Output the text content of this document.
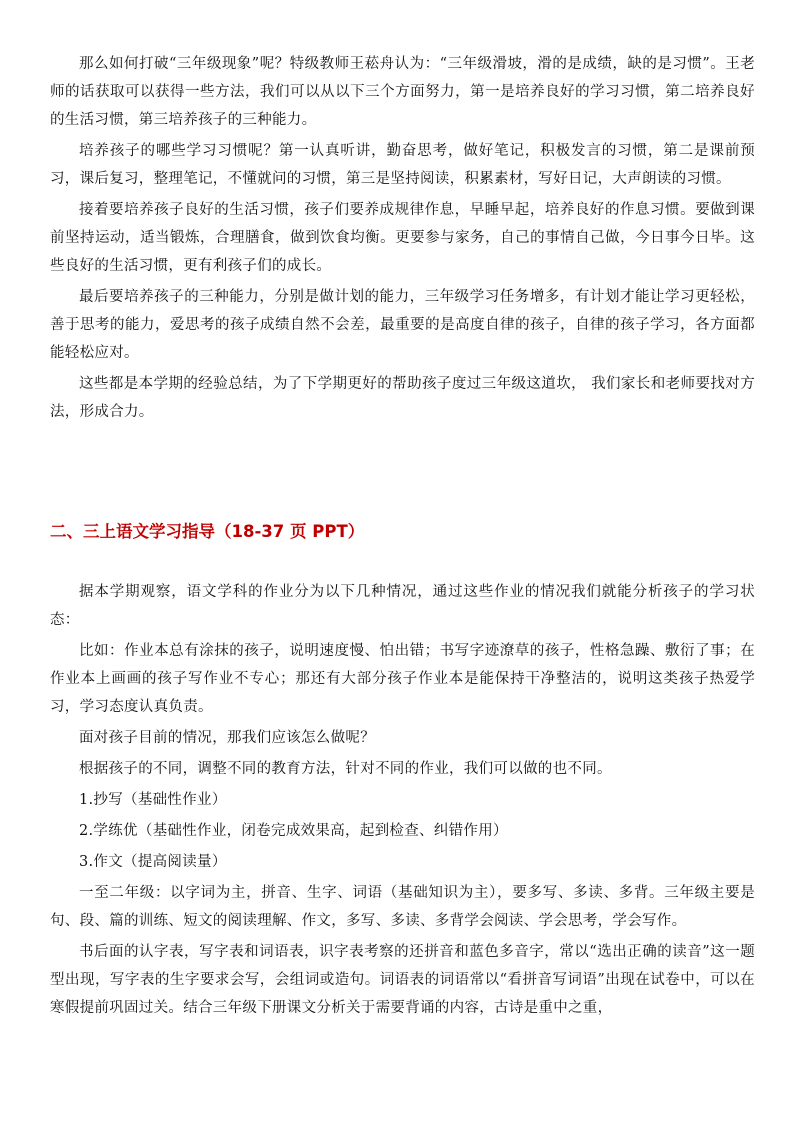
那么如何打破“三年级现象”呢？特级教师王菘舟认为：“三年级滑坡，滑的是成绩，缺的是习惯”。王老师的话获取可以获得一些方法，我们可以从以下三个方面努力，第一是培养良好的学习习惯，第二培养良好的生活习惯，第三培养孩子的三种能力。

培养孩子的哪些学习习惯呢？第一认真听讲，勤奋思考，做好笔记，积极发言的习惯，第二是课前预习，课后复习，整理笔记，不懂就问的习惯，第三是坚持阅读，积累素材，写好日记，大声朗读的习惯。

接着要培养孩子良好的生活习惯，孩子们要养成规律作息，早睡早起，培养良好的作息习惯。要做到课前坚持运动，适当锻炼，合理膳食，做到饮食均衡。更要参与家务，自己的事情自己做，今日事今日毕。这些良好的生活习惯，更有利孩子们的成长。

最后要培养孩子的三种能力，分别是做计划的能力，三年级学习任务增多，有计划才能让学习更轻松，善于思考的能力，爱思考的孩子成绩自然不会差，最重要的是高度自律的孩子，自律的孩子学习，各方面都能轻松应对。

这些都是本学期的经验总结，为了下学期更好的帮助孩子度过三年级这道坎， 我们家长和老师要找对方法，形成合力。

二、三上语文学习指导（18-37 页 PPT）

据本学期观察，语文学科的作业分为以下几种情况，通过这些作业的情况我们就能分析孩子的学习状态：

比如：作业本总有涂抹的孩子，说明速度慢、怕出错；书写字迹潦草的孩子，性格急躁、敷衍了事；在作业本上画画的孩子写作业不专心；那还有大部分孩子作业本是能保持干净整洁的，说明这类孩子热爱学习，学习态度认真负责。

面对孩子目前的情况，那我们应该怎么做呢？

根据孩子的不同，调整不同的教育方法，针对不同的作业，我们可以做的也不同。

1.抄写（基础性作业）

2.学练优（基础性作业，闭卷完成效果高，起到检查、纠错作用）

3.作文（提高阅读量）

一至二年级：以字词为主，拼音、生字、词语（基础知识为主），要多写、多读、多背。三年级主要是句、段、篇的训练、短文的阅读理解、作文，多写、多读、多背学会阅读、学会思考，学会写作。

书后面的认字表，写字表和词语表，识字表考察的还拼音和蓝色多音字，常以“选出正确的读音”这一题型出现，写字表的生字要求会写，会组词或造句。词语表的词语常以“看拼音写词语”出现在试卷中，可以在寒假提前巩固过关。结合三年级下册课文分析关于需要背诵的内容，古诗是重中之重，
